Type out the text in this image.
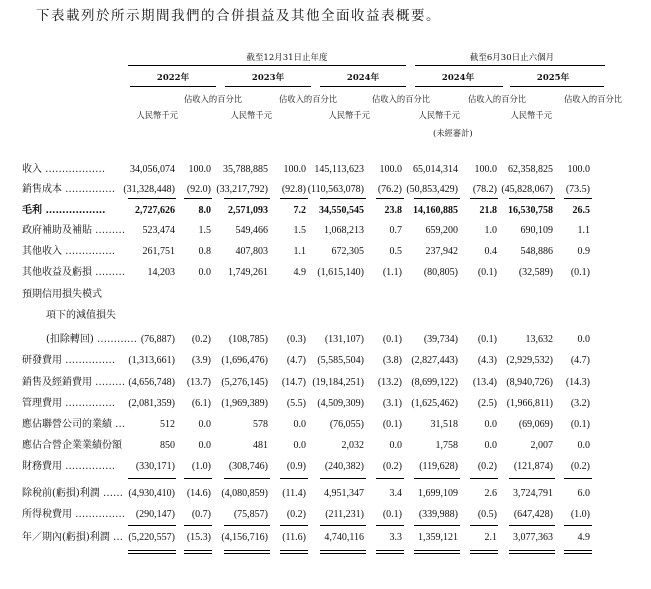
下表載列於所示期間我們的合併損益及其他全面收益表概要。
截至12月31日止年度	截至6月30日止六個月
2022年	2023年	2024年	2024年	2025年
人民幣千元
佔收入的百分比
人民幣千元
佔收入的百分比
人民幣千元
佔收入的百分比
人民幣千元
佔收入的百分比
(未經審計)
人民幣千元
佔收入的百分比
收入 ………………	34,056,074	100.0	35,788,885	100.0 145,113,623	100.0	65,014,314	100.0	62,358,825	100.0
銷售成本 …………… (31,328,448)	(92.0) (33,217,792)	(92.8) (110,563,078)	(76.2) (50,853,429)	(78.2) (45,828,067)	(73.5)
毛利 ………………	2,727,626	8.0	2,571,093	7.2	34,550,545	23.8	14,160,885	21.8	16,530,758	26.5
政府補助及補貼 ………	523,474	1.5	549,466	1.5	1,068,213	0.7	659,200	1.0	690,109	1.1
其他收入 ……………	261,751	0.8	407,803	1.1	672,305	0.5	237,942	0.4	548,886	0.9
其他收益及虧損 ………	14,203	0.0	1,749,261	4.9	(1,615,140)	(1.1)	(80,805)	(0.1)	(32,589)	(0.1)
預期信用損失模式
項下的減值損失
(扣除轉回) ………… (76,887)	(0.2)	(108,785)	(0.3)	(131,107)	(0.1)	(39,734)	(0.1)	13,632	0.0
研發費用 ……………	(1,313,661)	(3.9)	(1,696,476)	(4.7)	(5,585,504)	(3.8) (2,827,443)	(4.3) (2,929,532)	(4.7)
銷售及經銷費用 ……… (4,656,748)	(13.7)	(5,276,145)	(14.7) (19,184,251)	(13.2) (8,699,122)	(13.4) (8,940,726)	(14.3)
管理費用 ……………	(2,081,359)	(6.1)	(1,969,389)	(5.5)	(4,509,309)	(3.1) (1,625,462)	(2.5) (1,966,811)	(3.2)
應佔聯營公司的業績 …	512	0.0	578	0.0	(76,055)	(0.1)	31,518	0.0	(69,069)	(0.1)
應佔合營企業業績份額	850	0.0	481	0.0	2,032	0.0	1,758	0.0	2,007	0.0
財務費用 ……………	(330,171)	(1.0)	(308,746)	(0.9)	(240,382)	(0.2)	(119,628)	(0.2)	(121,874)	(0.2)
除稅前(虧損)利潤 …… (4,930,410)	(14.6)	(4,080,859)	(11.4)	4,951,347	3.4	1,699,109	2.6	3,724,791	6.0
所得稅費用 ……………	(290,147)	(0.7)	(75,857)	(0.2)	(211,231)	(0.1)	(339,988)	(0.5)	(647,428)	(1.0)
年／期內(虧損)利潤 … (5,220,557)	(15.3)	(4,156,716)	(11.6)	4,740,116	3.3	1,359,121	2.1	3,077,363	4.9
